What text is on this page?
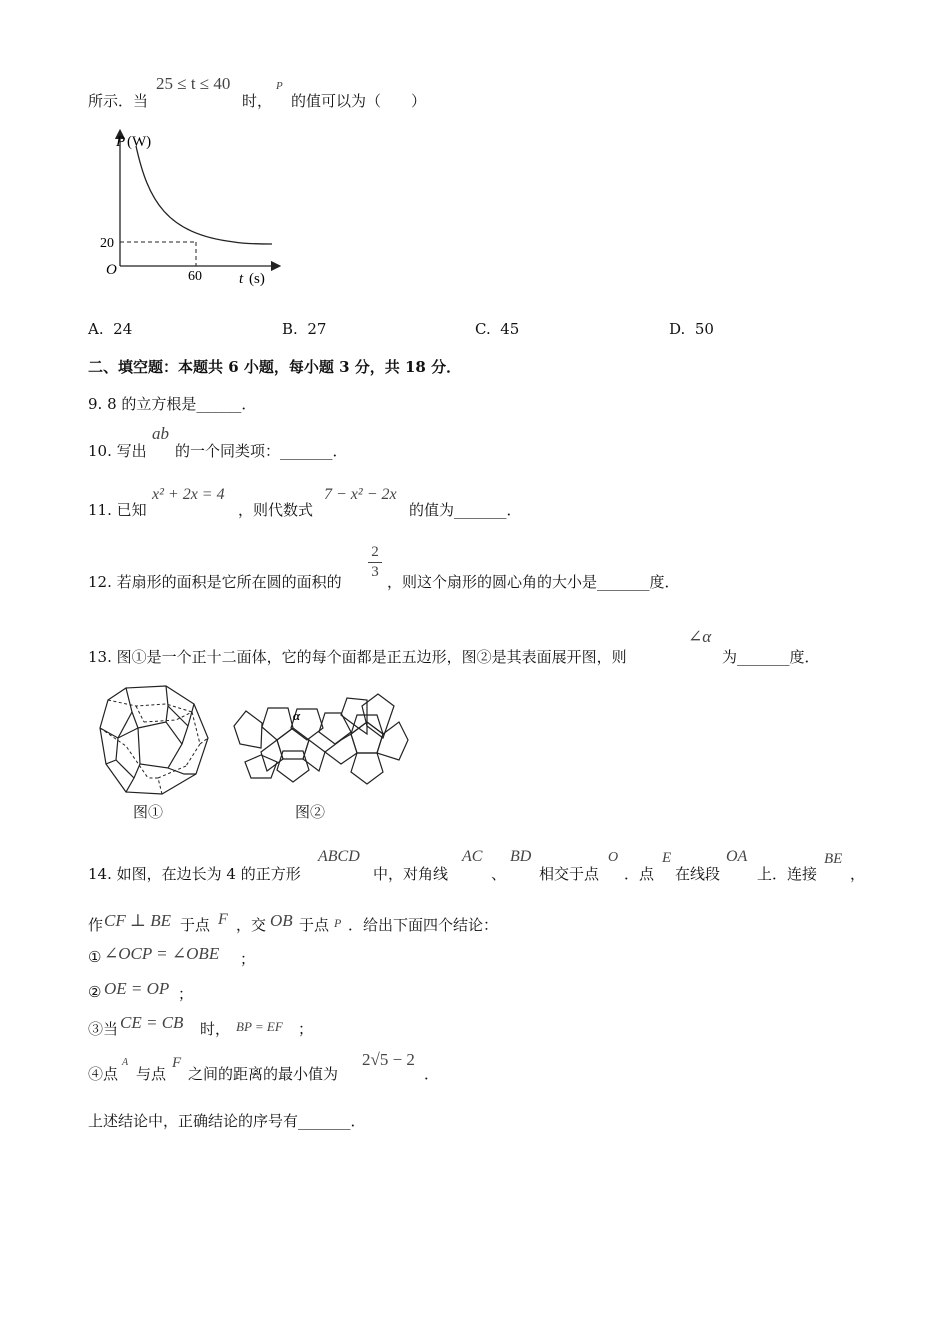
所示．当
25 ≤ t ≤ 40
时，
P
的值可以为（　　）
P (W)
20
O	60 t (s)
A. 24	B. 27	C. 45	D. 50
二、填空题：本题共 6 小题，每小题 3 分，共 18 分．
9. 8 的立方根是______．
10. 写出
ab
的一个同类项：_______．
11. 已知
x² + 2x = 4
，则代数式
7 − x² − 2x
的值为_______．
12. 若扇形的面积是它所在圆的面积的
2
3
，则这个扇形的圆心角的大小是_______度．
13. 图①是一个正十二面体，它的每个面都是正五边形，图②是其表面展开图，则
∠α
为_______度．
图①
α
图②
14. 如图，在边长为 4 的正方形
ABCD
中，对角线
AC
、
BD
相交于点
O
．点
E
在线段
OA
上．连接
BE
，
作 CF ⊥ BE 于点 F ，交 OB 于点 P ．给出下面四个结论：
① ∠OCP = ∠OBE ；
② OE = OP ；
③当 CE = CB 时， BP = EF ；
④点
A
与点
F
之间的距离的最小值为
2√5 − 2
．
上述结论中，正确结论的序号有_______．
